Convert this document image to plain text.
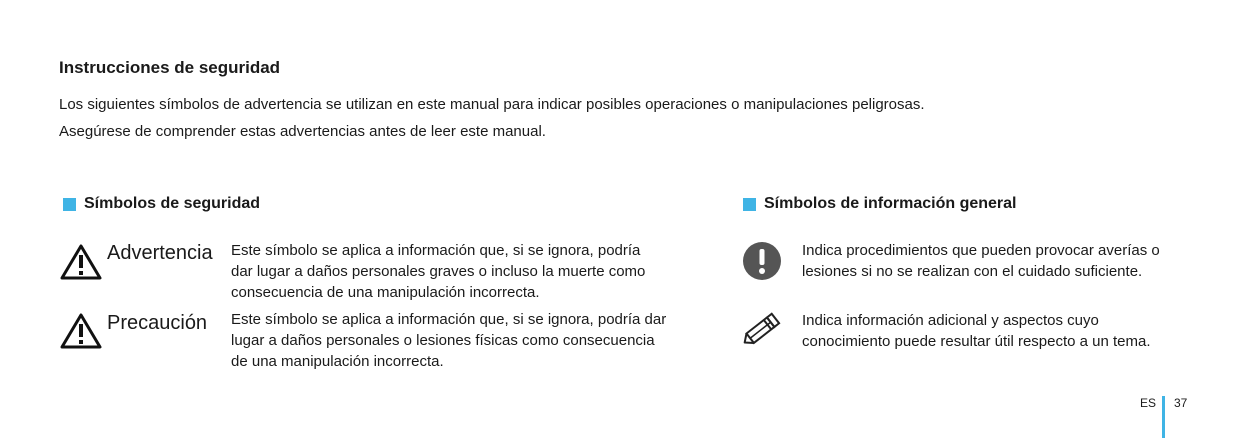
Instrucciones de seguridad
Los siguientes símbolos de advertencia se utilizan en este manual para indicar posibles operaciones o manipulaciones peligrosas.
Asegúrese de comprender estas advertencias antes de leer este manual.
Símbolos de seguridad
Advertencia Este símbolo se aplica a información que, si se ignora, podría
dar lugar a daños personales graves o incluso la muerte como
consecuencia de una manipulación incorrecta.
Precaución Este símbolo se aplica a información que, si se ignora, podría dar
lugar a daños personales o lesiones físicas como consecuencia
de una manipulación incorrecta.
Símbolos de información general
Indica procedimientos que pueden provocar averías o
lesiones si no se realizan con el cuidado suficiente.
Indica información adicional y aspectos cuyo
conocimiento puede resultar útil respecto a un tema.
ES 37
